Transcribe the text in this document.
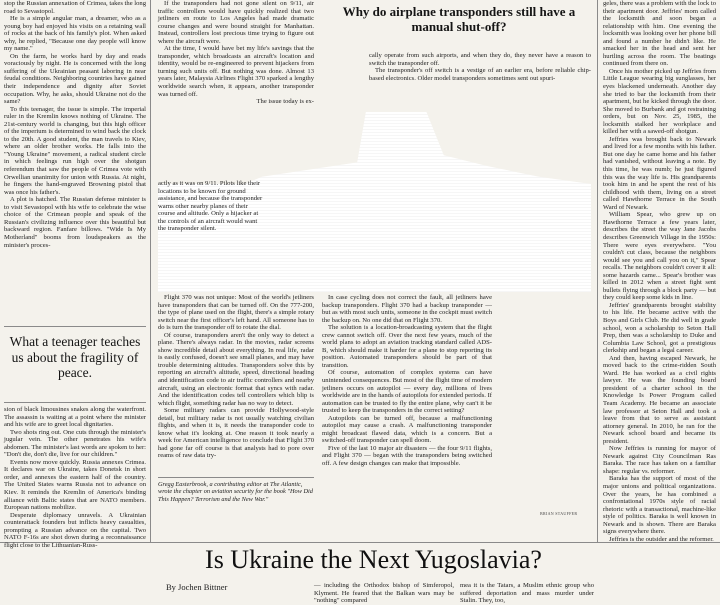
stop the Russian annexation of Crimea, takes the long road to Sevastopol.

He is a simple angular man, a dreamer, who as a young boy had enjoyed his visits on a retaining wall of rocks at the back of his family's plot. When asked why, he replied, "Because one day people will know my name."

On the farm, he works hard by day and reads voraciously by night. He is concerned with the long suffering of the Ukrainian peasant laboring in near feudal conditions. Neighboring countries have gained their independence and dignity after Soviet occupation. Why, he asks, should Ukraine not do the same?

To this teenager, the issue is simple. The imperial ruler in the Kremlin knows nothing of Ukraine. The 21st-century world is changing, but this high officer of the imperium is determined to wind back the clock to the 20th. A good student, the man travels to Kiev, where an older brother works. He falls into the "Young Ukraine" movement, a radical student circle in which feelings run high over the shotgun referendum that saw the people of Crimea vote with Orwellian unanimity for union with Russia. At night, he fingers the hand-engraved Browning pistol that was once his father's.

A plot is hatched. The Russian defense minister is to visit Sevastopol with his wife to celebrate the wise choice of the Crimean people and speak of the Russian's civilizing influence over this beautiful but backward region. Fanfare billows. "Wide Is My Motherland" booms from loudspeakers as the minister's proces-

What a teenager teaches us about the fragility of peace.

sion of black limousines snakes along the waterfront. The assassin is waiting at a point where the minister and his wife are to greet local dignitaries.

Two shots ring out. One cuts through the minister's jugular vein. The other penetrates his wife's abdomen. The minister's last words are spoken to her: "Don't die, don't die, live for our children."

Events now move quickly. Russia annexes Crimea. It declares war on Ukraine, takes Donetsk in short order, and annexes the eastern half of the country. The United States warns Russia not to advance on Kiev. It reminds the Kremlin of America's binding alliance with Baltic states that are NATO members. European nations mobilize.

Desperate diplomacy unravels. A Ukrainian counterattack founders but inflicts heavy casualties, prompting a Russian advance on the capital. Two NATO F-16s are shot down during a reconnaissance flight close to the Lithuanian-Russ-

If the transponders had not gone silent on 9/11, air traffic controllers would have quickly realized that two jetliners en route to Los Angeles had made dramatic course changes and were bound straight for Manhattan. Instead, controllers lost precious time trying to figure out where the aircraft were.

At the time, I would have bet my life's savings that the transponder, which broadcasts an aircraft's location and identity, would be re-engineered to prevent hijackers from turning such units off. But nothing was done. Almost 13 years later, Malaysia Airlines Flight 370 sparked a lengthy worldwide search when, it appears, another transponder was turned off.

The issue today is ex-

Why do airplane transponders still have a manual shut-off?

cally operate from such airports, and when they do, they never have a reason to switch the transponder off.

The transponder's off switch is a vestige of an earlier era, before reliable chip-based electronics. Older model transponders sometimes sent out spuri-

actly as it was on 9/11. Pilots like their locations to be known for ground assistance, and because the transponder warns other nearby planes of their course and altitude. Only a hijacker at the controls of an aircraft would want the transponder silent.

Flight 370 was not unique: Most of the world's jetliners have transponders that can be turned off. On the 777-200, the type of plane used on the flight, there's a simple rotary switch near the first officer's left hand. All someone has to do is turn the transponder off to rotate the dial.

Of course, transponders aren't the only way to detect a plane. There's always radar. In the movies, radar screens show incredible detail about everything. In real life, radar is easily confused, doesn't see small planes, and may have trouble determining altitudes. Transponders solve this by reporting an aircraft's altitude, speed, directional heading and identification code to air traffic controllers and nearby aircraft, using an electronic format that syncs with radar. And the identification codes tell controllers which blip is which flight, something radar has no way to detect.

Some military radars can provide Hollywood-style detail, but military radar is not usually watching civilian flights, and when it is, it needs the transponder code to know what it's looking at. One reason it took nearly a week for American intelligence to conclude that Flight 370 had gone far off course is that analysts had to pore over reams of raw data try-

Gregg Easterbrook, a contributing editor at The Atlantic, wrote the chapter on aviation security for the book "How Did This Happen? Terrorism and the New War."

In case cycling does not correct the fault, all jetliners have backup transponders. Flight 370 had a backup transponder — but as with most such units, someone in the cockpit must switch the backup on. No one did that on Flight 370.

The solution is a location-broadcasting system that the flight crew cannot switch off. Over the next few years, much of the world plans to adopt an aviation tracking standard called ADS-B, which should make it harder for a plane to stop reporting its position. Automated transponders should be part of that transition.

Of course, automation of complex systems can have unintended consequences. But most of the flight time of modern jetliners occurs on autopilot — every day, millions of lives worldwide are in the hands of autopilots for extended periods. If automation can be trusted to fly the entire plane, why can't it be trusted to keep the transponders in the correct setting?

Autopilots can be turned off, because a malfunctioning autopilot may cause a crash. A malfunctioning transponder might broadcast flawed data, which is a concern. But a switched-off transponder can spell doom.

Five of the last 10 major air disasters — the four 9/11 flights, and Flight 370 — began with the transponders being switched off. A few design changes can make that impossible.

BRIAN STAUFFER

geles, there was a problem with the lock to their apartment door. Jeffries' mom called the locksmith and soon began a relationship with him. One evening the locksmith was looking over her phone bill and found a number he didn't like. He smacked her in the head and sent her hurtling across the room. The beatings continued from there on.

Once his mother picked up Jeffries from Little League wearing big sunglasses, her eyes blackened underneath. Another day she tried to bar the locksmith from their apartment, but he kicked through the door. She moved to Burbank and got restraining orders, but on Nov. 25, 1985, the locksmith stalked her workplace and killed her with a sawed-off shotgun.

Jeffries was brought back to Newark and lived for a few months with his father. But one day he came home and his father had vanished, without leaving a note. By this time, he was numb; he just figured this was the way life is. His grandparents took him in and he spent the rest of his childhood with them, living on a street called Hawthorne Terrace in the South Ward of Newark.

William Spear, who grew up on Hawthorne Terrace a few years later, describes the street the way Jane Jacobs describes Greenwich Village in the 1950s: There were eyes everywhere. "You couldn't cut class, because the neighbors would see you and call you on it," Spear recalls. The neighbors couldn't cover it all: some hazards came... Spear's brother was killed in 2012 when a street fight sent bullets flying through a block party — but they could keep some kids in line.

Jeffries' grandparents brought stability to his life. He became active with the Boys and Girls Club. He did well in grade school, won a scholarship to Seton Hall Prep, then was a scholarship to Duke and Columbia Law School, got a prestigious clerkship and began a legal career.

And then, having escaped Newark, he moved back to the crime-ridden South Ward. He has worked as a civil rights lawyer. He was the founding board president of a charter school in the Knowledge Is Power Program called Team Academy. He became an associate law professor at Seton Hall and took a leave from that to serve as assistant attorney general. In 2010, he ran for the Newark school board and became its president.

Now Jeffries is running for mayor of Newark against City Councilman Ras Baraka. The race has taken on a familiar shape: regular vs. reformer.

Baraka has the support of most of the major unions and political organizations. Over the years, he has combined a confrontational 1970s style of racial rhetoric with a transactional, machine-like style of politics. Baraka is well known in Newark and is shown. There are Baraka signs everywhere there.

Jeffries is the outsider and the reformer.

Is Ukraine the Next Yugoslavia?
By Jochen Bittner	— including the Orthodox bishop of Simferopol, Klyment. He feared that the Balkan wars may be "nothing" compared
mea it is the Tatars, a Muslim ethnic group who suffered deportation and mass murder under Stalin. They, too,
